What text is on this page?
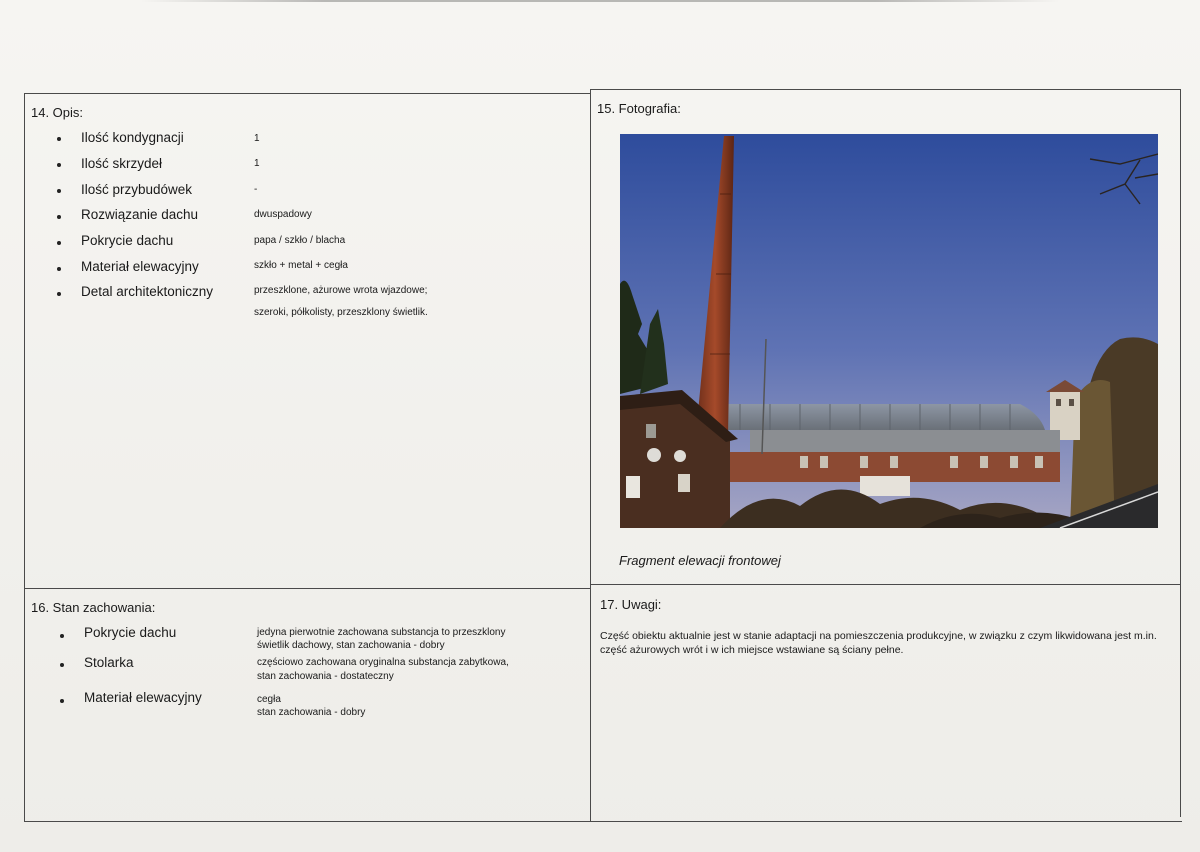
14. Opis:
Ilość kondygnacji	1
Ilość skrzydeł	1
Ilość przybudówek	-
Rozwiązanie dachu	dwuspadowy
Pokrycie dachu	papa / szkło / blacha
Materiał elewacyjny	szkło + metal + cegła
Detal architektoniczny	przeszklone, ażurowe wrota wjazdowe;
szeroki, półkolisty, przeszklony świetlik.
15. Fotografia:
Fragment elewacji frontowej
16. Stan zachowania:
Pokrycie dachu	jedyna pierwotnie zachowana substancja to przeszklony
świetlik dachowy, stan zachowania - dobry
Stolarka	częściowo zachowana oryginalna substancja zabytkowa,
stan zachowania - dostateczny
Materiał elewacyjny	cegła
stan zachowania - dobry
17. Uwagi:
Część obiektu aktualnie jest w stanie adaptacji na pomieszczenia produkcyjne, w związku z czym likwidowana jest m.in. część ażurowych wrót i w ich miejsce wstawiane są ściany pełne.
